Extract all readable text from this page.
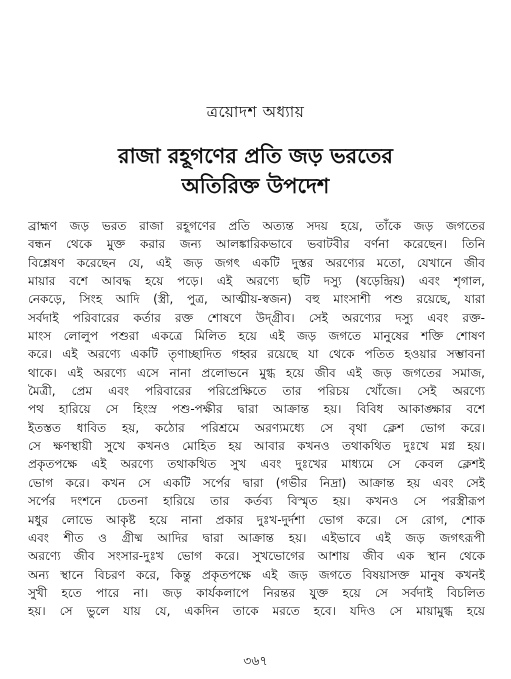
ত্রয়োদশ অধ্যায়
রাজা রহূগণের প্রতি জড় ভরতের
অতিরিক্ত উপদেশ
ব্রাহ্মণ জড় ভরত রাজা রহূগণের প্রতি অত্যন্ত সদয় হয়ে, তাঁকে জড় জগতের
বন্ধন থেকে মুক্ত করার জন্য আলঙ্কারিকভাবে ভবাটবীর বর্ণনা করেছেন। তিনি
বিশ্লেষণ করেছেন যে, এই জড় জগৎ একটি দুস্তর অরণ্যের মতো, যেখানে জীব
মায়ার বশে আবদ্ধ হয়ে পড়ে। এই অরণ্যে ছটি দস্যু (ষড়েন্দ্রিয়) এবং শৃগাল,
নেকড়ে, সিংহ আদি (স্ত্রী, পুত্র, আত্মীয়-স্বজন) বহু মাংসাশী পশু রয়েছে, যারা
সর্বদাই পরিবারের কর্তার রক্ত শোষণে উদ্গ্রীব। সেই অরণ্যের দস্যু এবং রক্ত-
মাংস লোলুপ পশুরা একত্রে মিলিত হয়ে এই জড় জগতে মানুষের শক্তি শোষণ
করে। এই অরণ্যে একটি তৃণাচ্ছাদিত গহ্বর রয়েছে যা থেকে পতিত হওয়ার সম্ভাবনা
থাকে। এই অরণ্যে এসে নানা প্রলোভনে মুগ্ধ হয়ে জীব এই জড় জগতের সমাজ,
মৈত্রী, প্রেম এবং পরিবারের পরিপ্রেক্ষিতে তার পরিচয় খোঁজে। সেই অরণ্যে
পথ হারিয়ে সে হিংস্র পশু-পক্ষীর দ্বারা আক্রান্ত হয়। বিবিধ আকাঙ্ক্ষার বশে
ইতস্তত ধাবিত হয়, কঠোর পরিশ্রমে অরণ্যমধ্যে সে বৃথা ক্লেশ ভোগ করে।
সে ক্ষণস্থায়ী সুখে কখনও মোহিত হয় আবার কখনও তথাকথিত দুঃখে মগ্ন হয়।
প্রকৃতপক্ষে এই অরণ্যে তথাকথিত সুখ এবং দুঃখের মাধ্যমে সে কেবল ক্লেশই
ভোগ করে। কখন সে একটি সর্পের দ্বারা (গভীর নিদ্রা) আক্রান্ত হয় এবং সেই
সর্পের দংশনে চেতনা হারিয়ে তার কর্তব্য বিস্মৃত হয়। কখনও সে পরস্ত্রীরূপ
মধুর লোভে আকৃষ্ট হয়ে নানা প্রকার দুঃখ-দুর্দশা ভোগ করে। সে রোগ, শোক
এবং শীত ও গ্রীষ্ম আদির দ্বারা আক্রান্ত হয়। এইভাবে এই জড় জগৎরূপী
অরণ্যে জীব সংসার-দুঃখ ভোগ করে। সুখভোগের আশায় জীব এক স্থান থেকে
অন্য স্থানে বিচরণ করে, কিন্তু প্রকৃতপক্ষে এই জড় জগতে বিষয়াসক্ত মানুষ কখনই
সুখী হতে পারে না। জড় কার্যকলাপে নিরন্তর যুক্ত হয়ে সে সর্বদাই বিচলিত
হয়। সে ভুলে যায় যে, একদিন তাকে মরতে হবে। যদিও সে মায়ামুগ্ধ হয়ে
৩৬৭
